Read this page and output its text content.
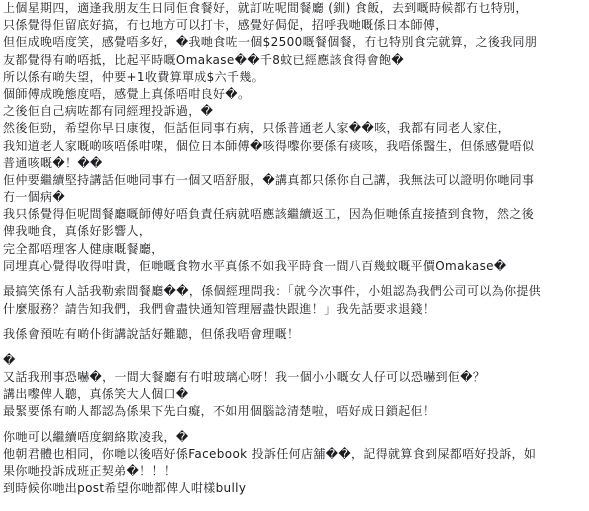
上個星期四，適逢我朋友生日同佢食餐好，就訂咗呢間餐廳 (釧) 食飯，去到嘅時候都冇乜特別，
只係覺得佢留底好搞，冇乜地方可以打卡，感覺好侷促，招呼我哋嘅係日本師傅，
但佢成晚唔度笑，感覺唔多好，�我哋食咗一個$2500嘅餐個餐，冇乜特別食完就算，之後我同朋
友都覺得有啲唔抵，比起平時嘅Omakase��千8蚊已經應該食得會飽�
所以係有啲失望，仲要+1收費算單成$六千幾。
個師傅成晚態度唔，感覺上真係唔咁良好�。
之後佢自己病咗都有同經理投訴過，�
然後佢勁，希望你早日康復，佢話佢同事冇病，只係普通老人家��咳，我都有同老人家住，
我知道老人家嘅啲咳唔係咁㗎，個位日本師傅�咳得嚟你要係有痰咳，我唔係醫生，但係感覺唔似
普通咳嘅�！��
佢仲要繼續堅持講話佢哋同事冇一個又唔舒服，�講真都只係你自己講，我無法可以證明你哋同事
冇一個病�
我只係覺得佢呢間餐廳嘅師傅好唔負責任病就唔應該繼續返工，因為佢哋係直接揸到食物，然之後
俾我哋食，真係好影響人，
完全都唔理客人健康嘅餐廳，
同埋真心覺得收得咁貴，佢哋嘅食物水平真係不如我平時食一間八百幾蚊嘅平價Omakase�
最搞笑係有人話我勒索間餐廳��，係個經理問我：「就今次事件，小姐認為我們公司可以為你提供
什麼服務？請告知我們，我們會盡快通知管理層盡快跟進！」我先話要求退錢！
我係會預咗有啲仆街講說話好難聽，但係我唔會理嘅！
�
又話我刑事恐嚇�，一間大餐廳有冇咁玻璃心呀！我一個小小嘅女人仔可以恐嚇到佢�？
講出嚟俾人聽，真係笑大人個口�
最緊要係有啲人都認為係果下先白癡，不如用個腦諗清楚啦，唔好成日鎖起佢！
你哋可以繼續唔度網絡欺凌我，�
他朝君體也相同，你哋以後唔好係Facebook 投訴任何店舖��，記得就算食到屎都唔好投訴，如
果你哋投訴成班正契弟�！！！
到時候你哋出post希望你哋都俾人咁樣bully
